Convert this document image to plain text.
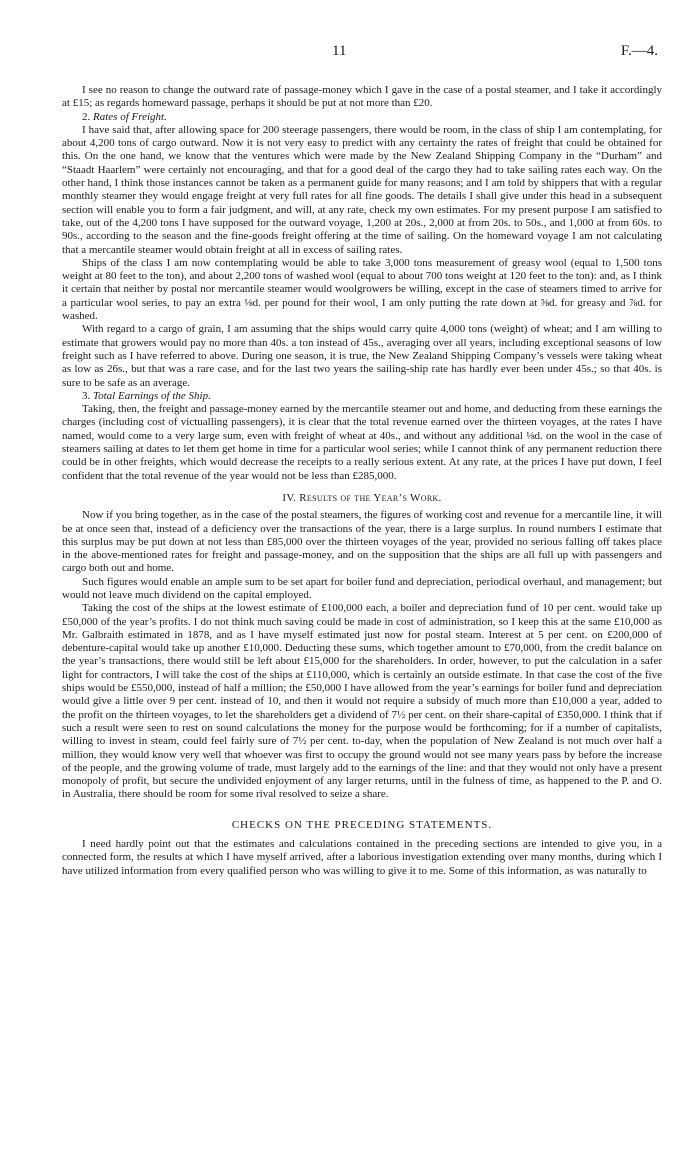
11	F.—4.

I see no reason to change the outward rate of passage-money which I gave in the case of a postal steamer, and I take it accordingly at £15; as regards homeward passage, perhaps it should be put at not more than £20.

2. Rates of Freight.

I have said that, after allowing space for 200 steerage passengers, there would be room, in the class of ship I am contemplating, for about 4,200 tons of cargo outward. Now it is not very easy to predict with any certainty the rates of freight that could be obtained for this. On the one hand, we know that the ventures which were made by the New Zealand Shipping Company in the “Durham” and “Staadt Haarlem” were certainly not encouraging, and that for a good deal of the cargo they had to take sailing rates each way. On the other hand, I think those instances cannot be taken as a permanent guide for many reasons; and I am told by shippers that with a regular monthly steamer they would engage freight at very full rates for all fine goods. The details I shall give under this head in a subsequent section will enable you to form a fair judgment, and will, at any rate, check my own estimates. For my present purpose I am satisfied to take, out of the 4,200 tons I have supposed for the outward voyage, 1,200 at 20s., 2,000 at from 20s. to 50s., and 1,000 at from 60s. to 90s., according to the season and the fine-goods freight offering at the time of sailing. On the homeward voyage I am not calculating that a mercantile steamer would obtain freight at all in excess of sailing rates.

Ships of the class I am now contemplating would be able to take 3,000 tons measurement of greasy wool (equal to 1,500 tons weight at 80 feet to the ton), and about 2,200 tons of washed wool (equal to about 700 tons weight at 120 feet to the ton): and, as I think it certain that neither by postal nor mercantile steamer would woolgrowers be willing, except in the case of steamers timed to arrive for a particular wool series, to pay an extra ⅛d. per pound for their wool, I am only putting the rate down at ⅝d. for greasy and ⅞d. for washed.

With regard to a cargo of grain, I am assuming that the ships would carry quite 4,000 tons (weight) of wheat; and I am willing to estimate that growers would pay no more than 40s. a ton instead of 45s., averaging over all years, including exceptional seasons of low freight such as I have referred to above. During one season, it is true, the New Zealand Shipping Company’s vessels were taking wheat as low as 26s., but that was a rare case, and for the last two years the sailing-ship rate has hardly ever been under 45s.; so that 40s. is sure to be safe as an average.

3. Total Earnings of the Ship.

Taking, then, the freight and passage-money earned by the mercantile steamer out and home, and deducting from these earnings the charges (including cost of victualling passengers), it is clear that the total revenue earned over the thirteen voyages, at the rates I have named, would come to a very large sum, even with freight of wheat at 40s., and without any additional ⅛d. on the wool in the case of steamers sailing at dates to let them get home in time for a particular wool series; while I cannot think of any permanent reduction there could be in other freights, which would decrease the receipts to a really serious extent. At any rate, at the prices I have put down, I feel confident that the total revenue of the year would not be less than £285,000.

IV. Results of the Year’s Work.

Now if you bring together, as in the case of the postal steamers, the figures of working cost and revenue for a mercantile line, it will be at once seen that, instead of a deficiency over the transactions of the year, there is a large surplus. In round numbers I estimate that this surplus may be put down at not less than £85,000 over the thirteen voyages of the year, provided no serious falling off takes place in the above-mentioned rates for freight and passage-money, and on the supposition that the ships are all full up with passengers and cargo both out and home.

Such figures would enable an ample sum to be set apart for boiler fund and depreciation, periodical overhaul, and management; but would not leave much dividend on the capital employed.

Taking the cost of the ships at the lowest estimate of £100,000 each, a boiler and depreciation fund of 10 per cent. would take up £50,000 of the year’s profits. I do not think much saving could be made in cost of administration, so I keep this at the same £10,000 as Mr. Galbraith estimated in 1878, and as I have myself estimated just now for postal steam. Interest at 5 per cent. on £200,000 of debenture-capital would take up another £10,000. Deducting these sums, which together amount to £70,000, from the credit balance on the year’s transactions, there would still be left about £15,000 for the shareholders. In order, however, to put the calculation in a safer light for contractors, I will take the cost of the ships at £110,000, which is certainly an outside estimate. In that case the cost of the five ships would be £550,000, instead of half a million; the £50,000 I have allowed from the year’s earnings for boiler fund and depreciation would give a little over 9 per cent. instead of 10, and then it would not require a subsidy of much more than £10,000 a year, added to the profit on the thirteen voyages, to let the shareholders get a dividend of 7½ per cent. on their share-capital of £350,000. I think that if such a result were seen to rest on sound calculations the money for the purpose would be forthcoming; for if a number of capitalists, willing to invest in steam, could feel fairly sure of 7½ per cent. to-day, when the population of New Zealand is not much over half a million, they would know very well that whoever was first to occupy the ground would not see many years pass by before the increase of the people, and the growing volume of trade, must largely add to the earnings of the line: and that they would not only have a present monopoly of profit, but secure the undivided enjoyment of any larger returns, until in the fulness of time, as happened to the P. and O. in Australia, there should be room for some rival resolved to seize a share.

CHECKS ON THE PRECEDING STATEMENTS.

I need hardly point out that the estimates and calculations contained in the preceding sections are intended to give you, in a connected form, the results at which I have myself arrived, after a laborious investigation extending over many months, during which I have utilized information from every qualified person who was willing to give it to me. Some of this information, as was naturally to
